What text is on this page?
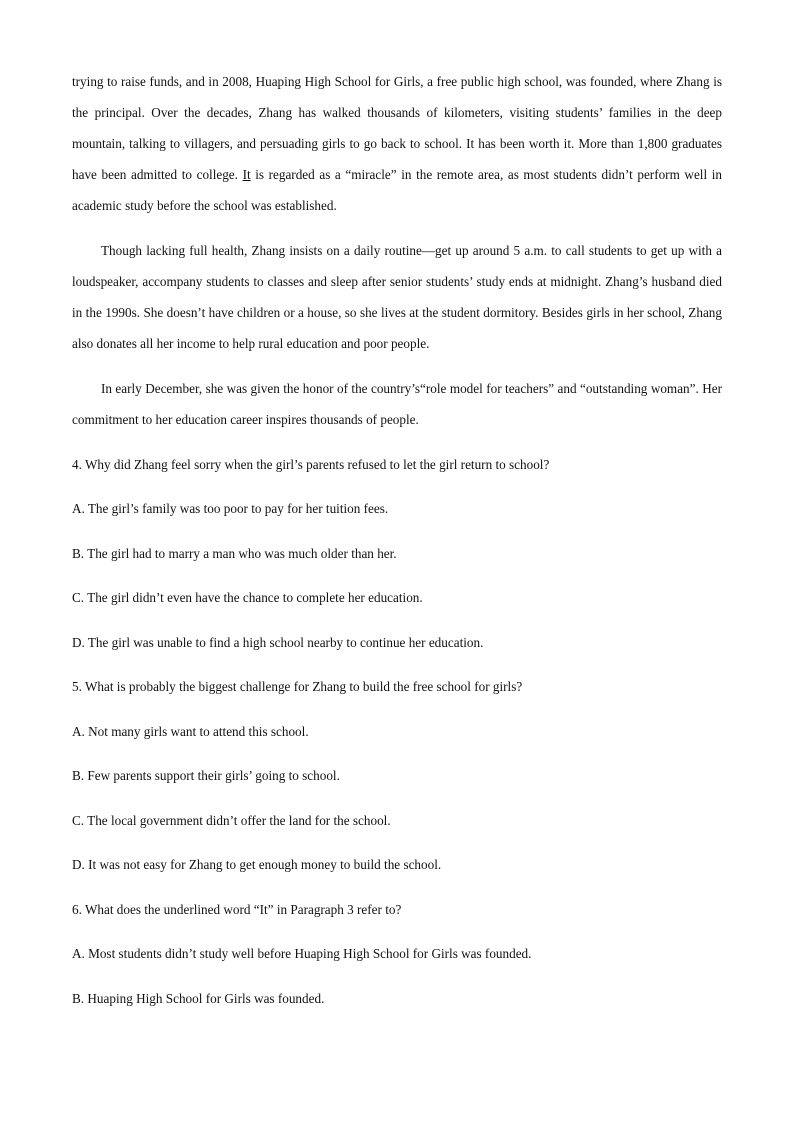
trying to raise funds, and in 2008, Huaping High School for Girls, a free public high school, was founded, where Zhang is the principal. Over the decades, Zhang has walked thousands of kilometers, visiting students’ families in the deep mountain, talking to villagers, and persuading girls to go back to school. It has been worth it. More than 1,800 graduates have been admitted to college. It is regarded as a “miracle” in the remote area, as most students didn’t perform well in academic study before the school was established.

Though lacking full health, Zhang insists on a daily routine—get up around 5 a.m. to call students to get up with a loudspeaker, accompany students to classes and sleep after senior students’ study ends at midnight. Zhang’s husband died in the 1990s. She doesn’t have children or a house, so she lives at the student dormitory. Besides girls in her school, Zhang also donates all her income to help rural education and poor people.

In early December, she was given the honor of the country’s“role model for teachers” and “outstanding woman”. Her commitment to her education career inspires thousands of people.

4. Why did Zhang feel sorry when the girl’s parents refused to let the girl return to school?

A. The girl’s family was too poor to pay for her tuition fees.

B. The girl had to marry a man who was much older than her.

C. The girl didn’t even have the chance to complete her education.

D. The girl was unable to find a high school nearby to continue her education.

5. What is probably the biggest challenge for Zhang to build the free school for girls?

A. Not many girls want to attend this school.

B. Few parents support their girls’ going to school.

C. The local government didn’t offer the land for the school.

D. It was not easy for Zhang to get enough money to build the school.

6. What does the underlined word “It” in Paragraph 3 refer to?

A. Most students didn’t study well before Huaping High School for Girls was founded.

B. Huaping High School for Girls was founded.
